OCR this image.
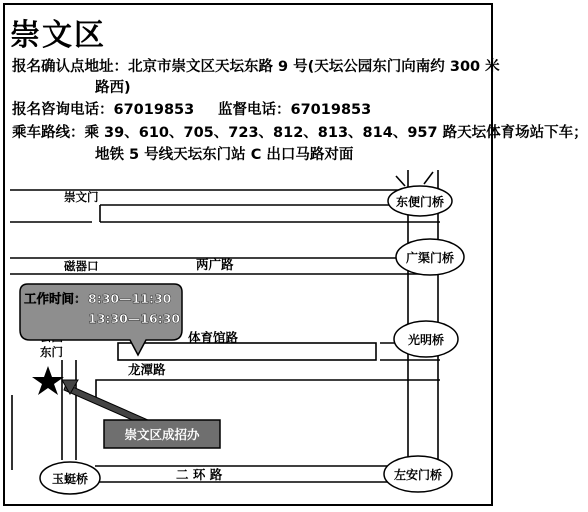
崇文区
报名确认点地址：北京市崇文区天坛东路 9 号(天坛公园东门向南约 300 米
路西)
报名咨询电话：67019853 监督电话：67019853
乘车路线：乘 39、610、705、723、812、813、814、957 路天坛体育场站下车；
地铁 5 号线天坛东门站 C 出口马路对面
东便门桥
广渠门桥
光明桥
左安门桥
玉蜓桥
崇文门
磁器口	两广路
体育馆路
龙潭路
二 环 路
东门
工作时间： 8:30—11:30
13:30—16:30
崇文区成招办
